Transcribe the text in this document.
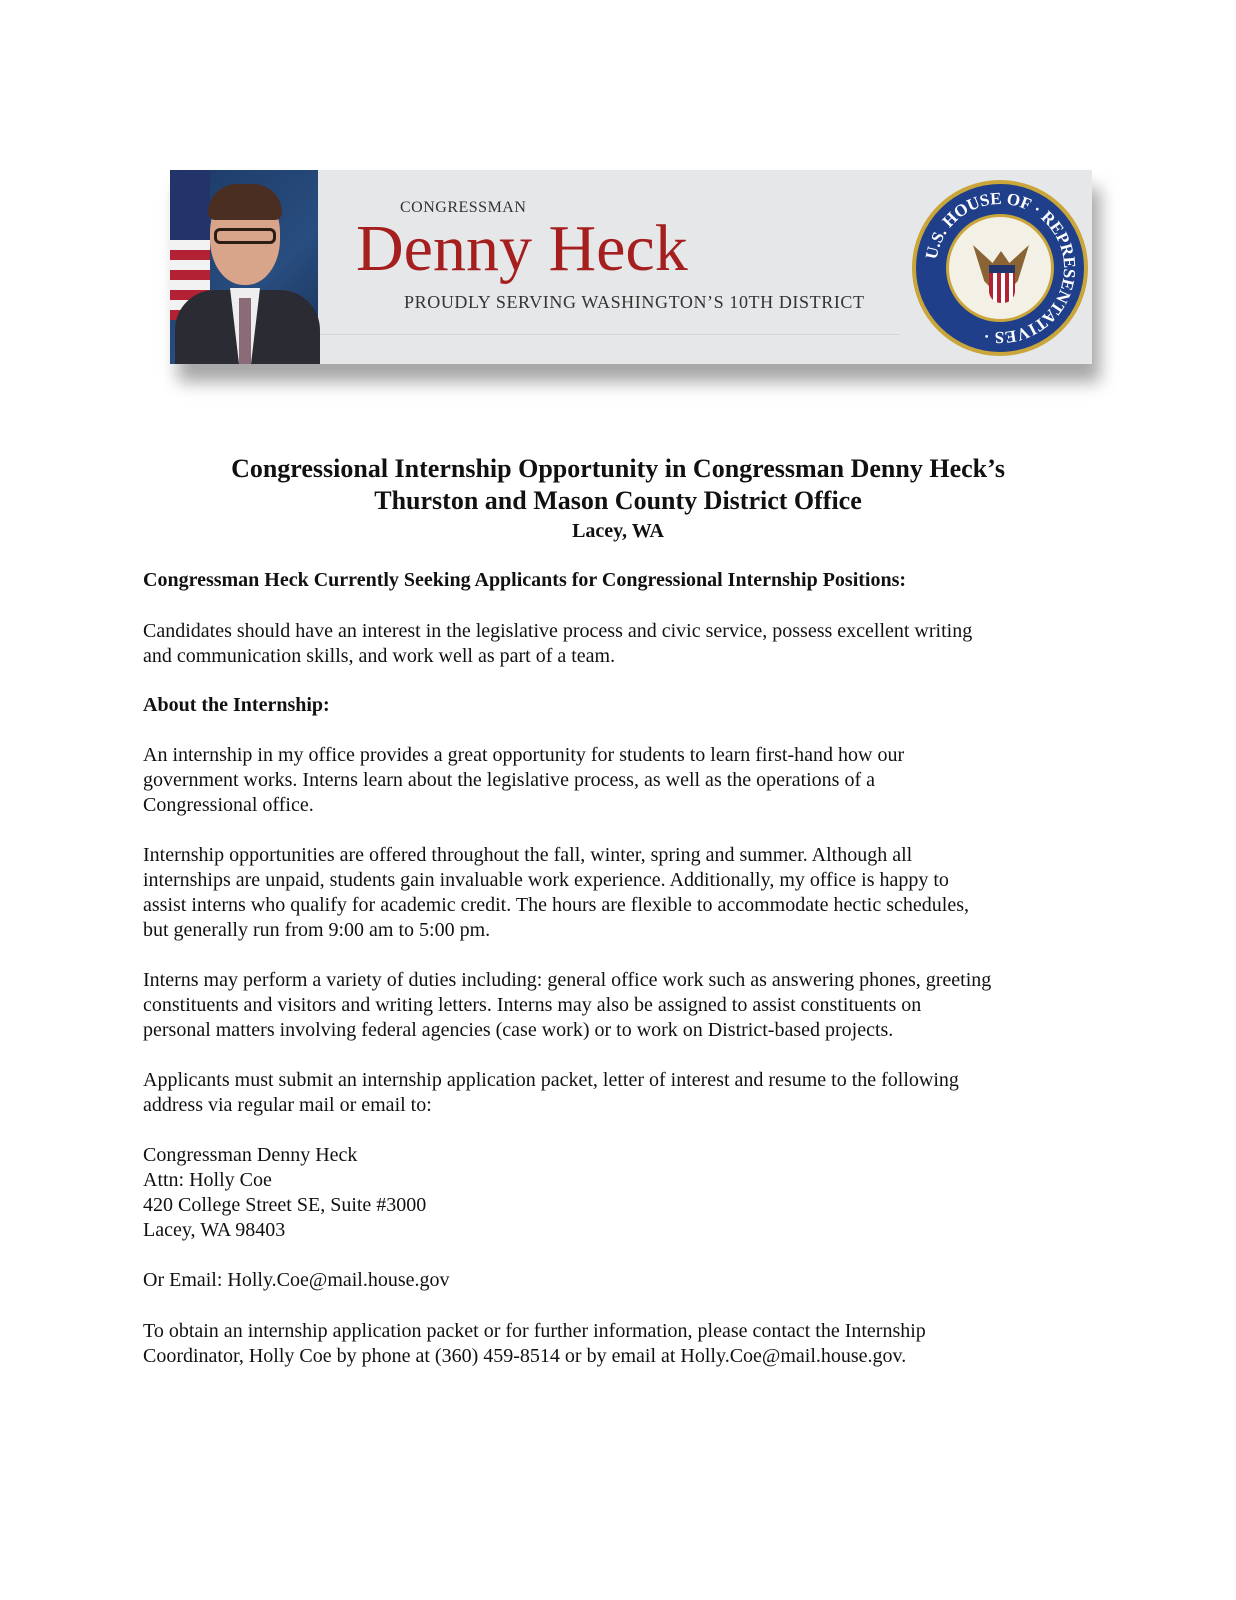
CONGRESSMAN
Denny Heck
PROUDLY SERVING WASHINGTON’S 10TH DISTRICT
U.S. HOUSE OF · REPRESENTATIVES ·
Congressional Internship Opportunity in Congressman Denny Heck’s
Thurston and Mason County District Office
Lacey, WA
Congressman Heck Currently Seeking Applicants for Congressional Internship Positions:
Candidates should have an interest in the legislative process and civic service, possess excellent writing
and communication skills, and work well as part of a team.
About the Internship:
An internship in my office provides a great opportunity for students to learn first-hand how our
government works. Interns learn about the legislative process, as well as the operations of a
Congressional office.
Internship opportunities are offered throughout the fall, winter, spring and summer. Although all
internships are unpaid, students gain invaluable work experience. Additionally, my office is happy to
assist interns who qualify for academic credit. The hours are flexible to accommodate hectic schedules,
but generally run from 9:00 am to 5:00 pm.
Interns may perform a variety of duties including: general office work such as answering phones, greeting
constituents and visitors and writing letters. Interns may also be assigned to assist constituents on
personal matters involving federal agencies (case work) or to work on District-based projects.
Applicants must submit an internship application packet, letter of interest and resume to the following
address via regular mail or email to:
Congressman Denny Heck
Attn: Holly Coe
420 College Street SE, Suite #3000
Lacey, WA 98403
Or Email: Holly.Coe@mail.house.gov
To obtain an internship application packet or for further information, please contact the Internship
Coordinator, Holly Coe by phone at (360) 459-8514 or by email at Holly.Coe@mail.house.gov.
